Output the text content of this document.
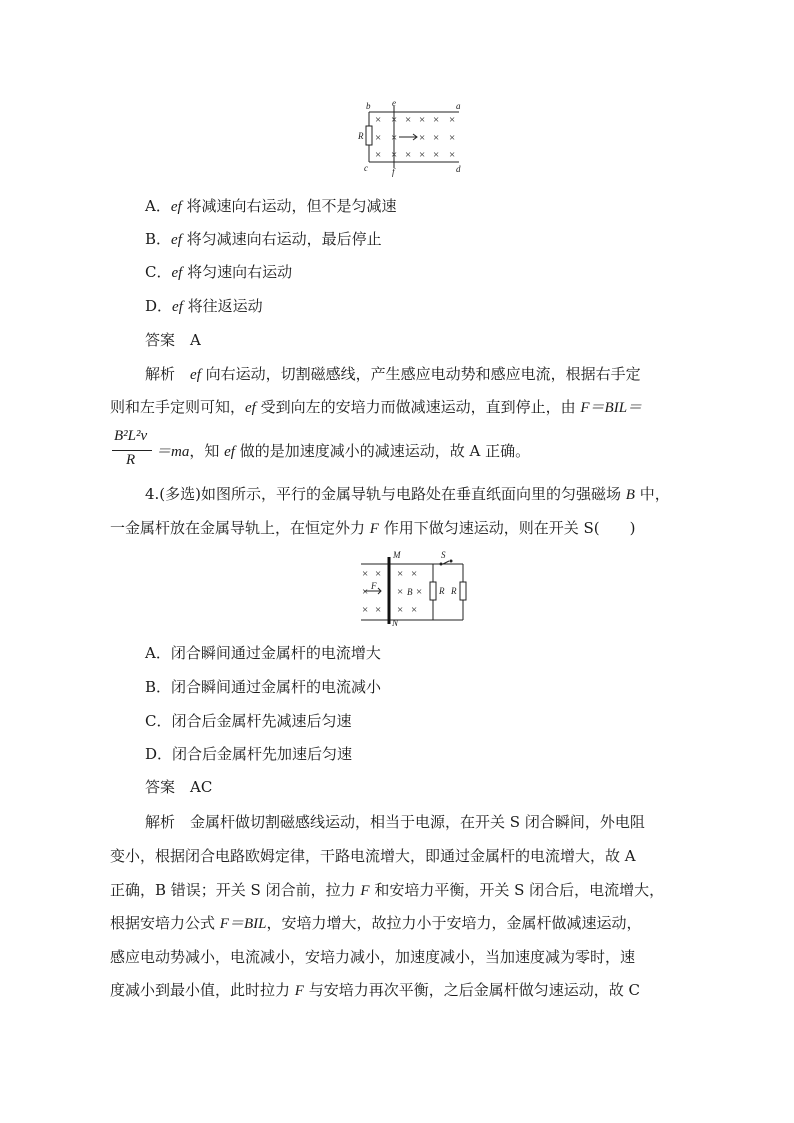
× × × × × ×
× × × × ×
× × × × × ×
b e	a
R
c	f	d
A．ef 将减速向右运动，但不是匀减速
B．ef 将匀减速向右运动，最后停止
C．ef 将匀速向右运动
D．ef 将往返运动
答案　 A
解析　 ef 向右运动，切割磁感线，产生感应电动势和感应电流，根据右手定
则和左手定则可知，ef 受到向左的安培力而做减速运动，直到停止，由 F＝BIL＝
B²L²v
R ＝ma，知 ef 做的是加速度减小的减速运动，故 A 正确。
4.(多选)如图所示，平行的金属导轨与电路处在垂直纸面向里的匀强磁场 B 中，
一金属杆放在金属导轨上，在恒定外力 F 作用下做匀速运动，则在开关 S(　　)
× × × ×
×	× ×
× × × ×
M
N
S
F
B	R R
A．闭合瞬间通过金属杆的电流增大
B．闭合瞬间通过金属杆的电流减小
C．闭合后金属杆先减速后匀速
D．闭合后金属杆先加速后匀速
答案　 AC
解析　 金属杆做切割磁感线运动，相当于电源，在开关 S 闭合瞬间，外电阻
变小，根据闭合电路欧姆定律，干路电流增大，即通过金属杆的电流增大，故 A
正确，B 错误；开关 S 闭合前，拉力 F 和安培力平衡，开关 S 闭合后，电流增大，
根据安培力公式 F＝BIL，安培力增大，故拉力小于安培力，金属杆做减速运动，
感应电动势减小，电流减小，安培力减小，加速度减小，当加速度减为零时，速
度减小到最小值，此时拉力 F 与安培力再次平衡，之后金属杆做匀速运动，故 C
